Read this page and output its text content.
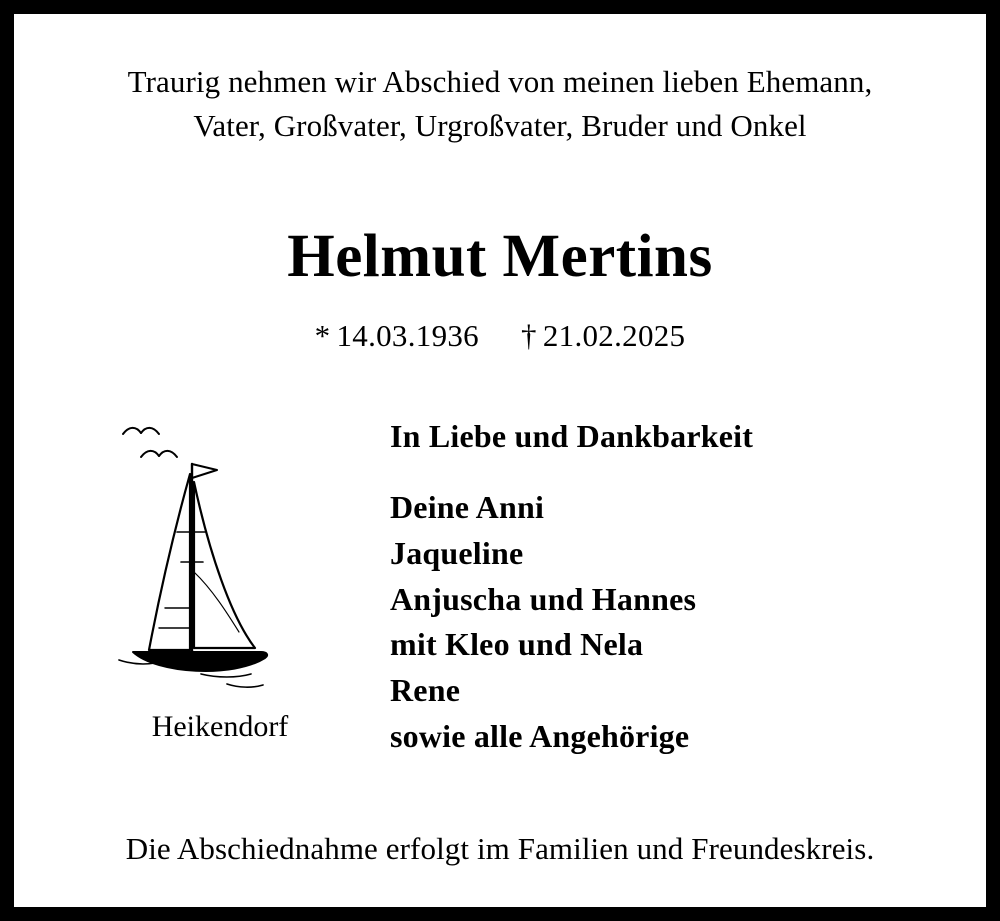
Traurig nehmen wir Abschied von meinen lieben Ehemann,
Vater, Großvater, Urgroßvater, Bruder und Onkel
Helmut Mertins
* 14.03.1936 † 21.02.2025
Heikendorf
In Liebe und Dankbarkeit
Deine Anni
Jaqueline
Anjuscha und Hannes
mit Kleo und Nela
Rene
sowie alle Angehörige
Die Abschiednahme erfolgt im Familien und Freundeskreis.
